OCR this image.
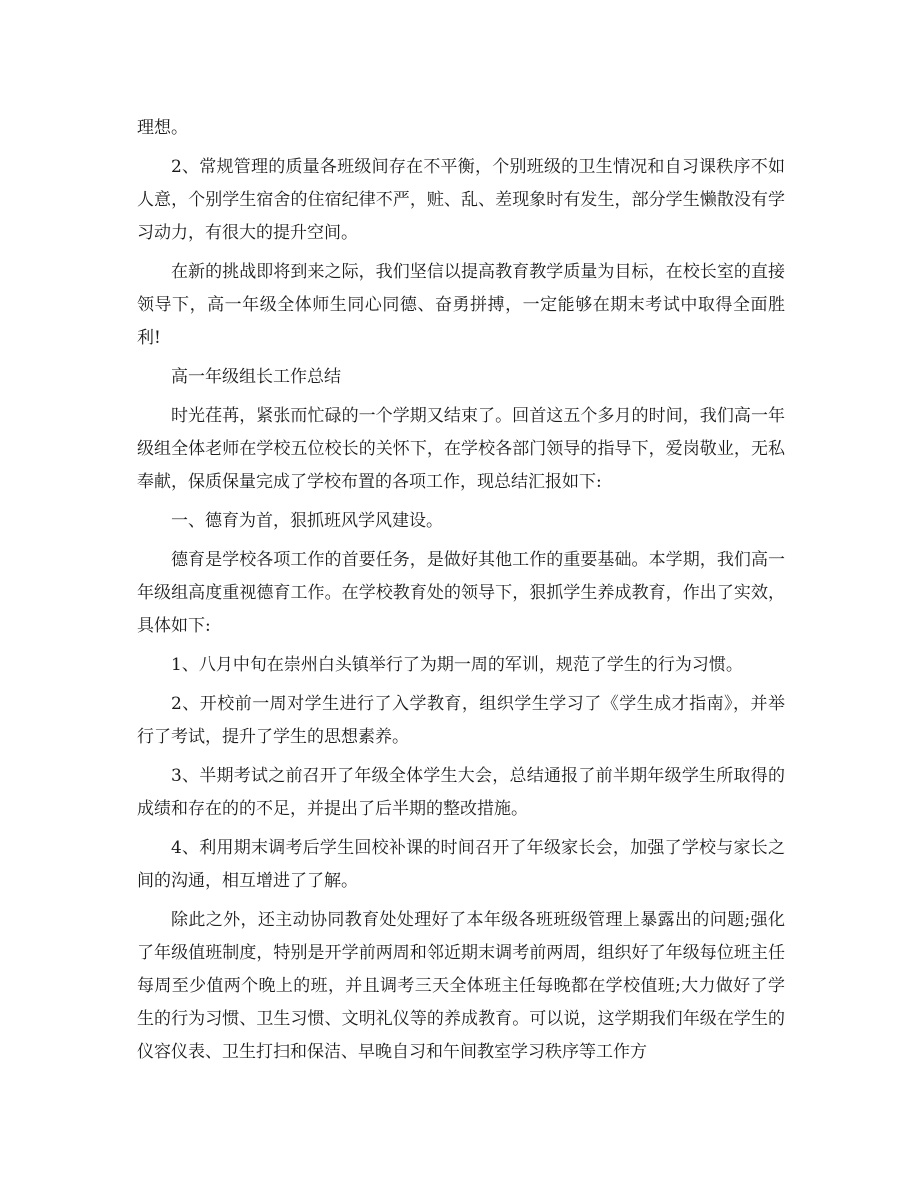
理想。

2、常规管理的质量各班级间存在不平衡，个别班级的卫生情况和自习课秩序不如人意，个别学生宿舍的住宿纪律不严，赃、乱、差现象时有发生，部分学生懒散没有学习动力，有很大的提升空间。

在新的挑战即将到来之际，我们坚信以提高教育教学质量为目标，在校长室的直接领导下，高一年级全体师生同心同德、奋勇拼搏，一定能够在期末考试中取得全面胜利!

高一年级组长工作总结

时光荏苒，紧张而忙碌的一个学期又结束了。回首这五个多月的时间，我们高一年级组全体老师在学校五位校长的关怀下，在学校各部门领导的指导下，爱岗敬业，无私奉献，保质保量完成了学校布置的各项工作，现总结汇报如下:

一、德育为首，狠抓班风学风建设。

德育是学校各项工作的首要任务，是做好其他工作的重要基础。本学期，我们高一年级组高度重视德育工作。在学校教育处的领导下，狠抓学生养成教育，作出了实效，具体如下:

1、八月中旬在崇州白头镇举行了为期一周的军训，规范了学生的行为习惯。

2、开校前一周对学生进行了入学教育，组织学生学习了《学生成才指南》，并举行了考试，提升了学生的思想素养。

3、半期考试之前召开了年级全体学生大会，总结通报了前半期年级学生所取得的成绩和存在的的不足，并提出了后半期的整改措施。

4、利用期末调考后学生回校补课的时间召开了年级家长会，加强了学校与家长之间的沟通，相互增进了了解。

除此之外，还主动协同教育处处理好了本年级各班班级管理上暴露出的问题;强化了年级值班制度，特别是开学前两周和邻近期末调考前两周，组织好了年级每位班主任每周至少值两个晚上的班，并且调考三天全体班主任每晚都在学校值班;大力做好了学生的行为习惯、卫生习惯、文明礼仪等的养成教育。可以说，这学期我们年级在学生的仪容仪表、卫生打扫和保洁、早晚自习和午间教室学习秩序等工作方
